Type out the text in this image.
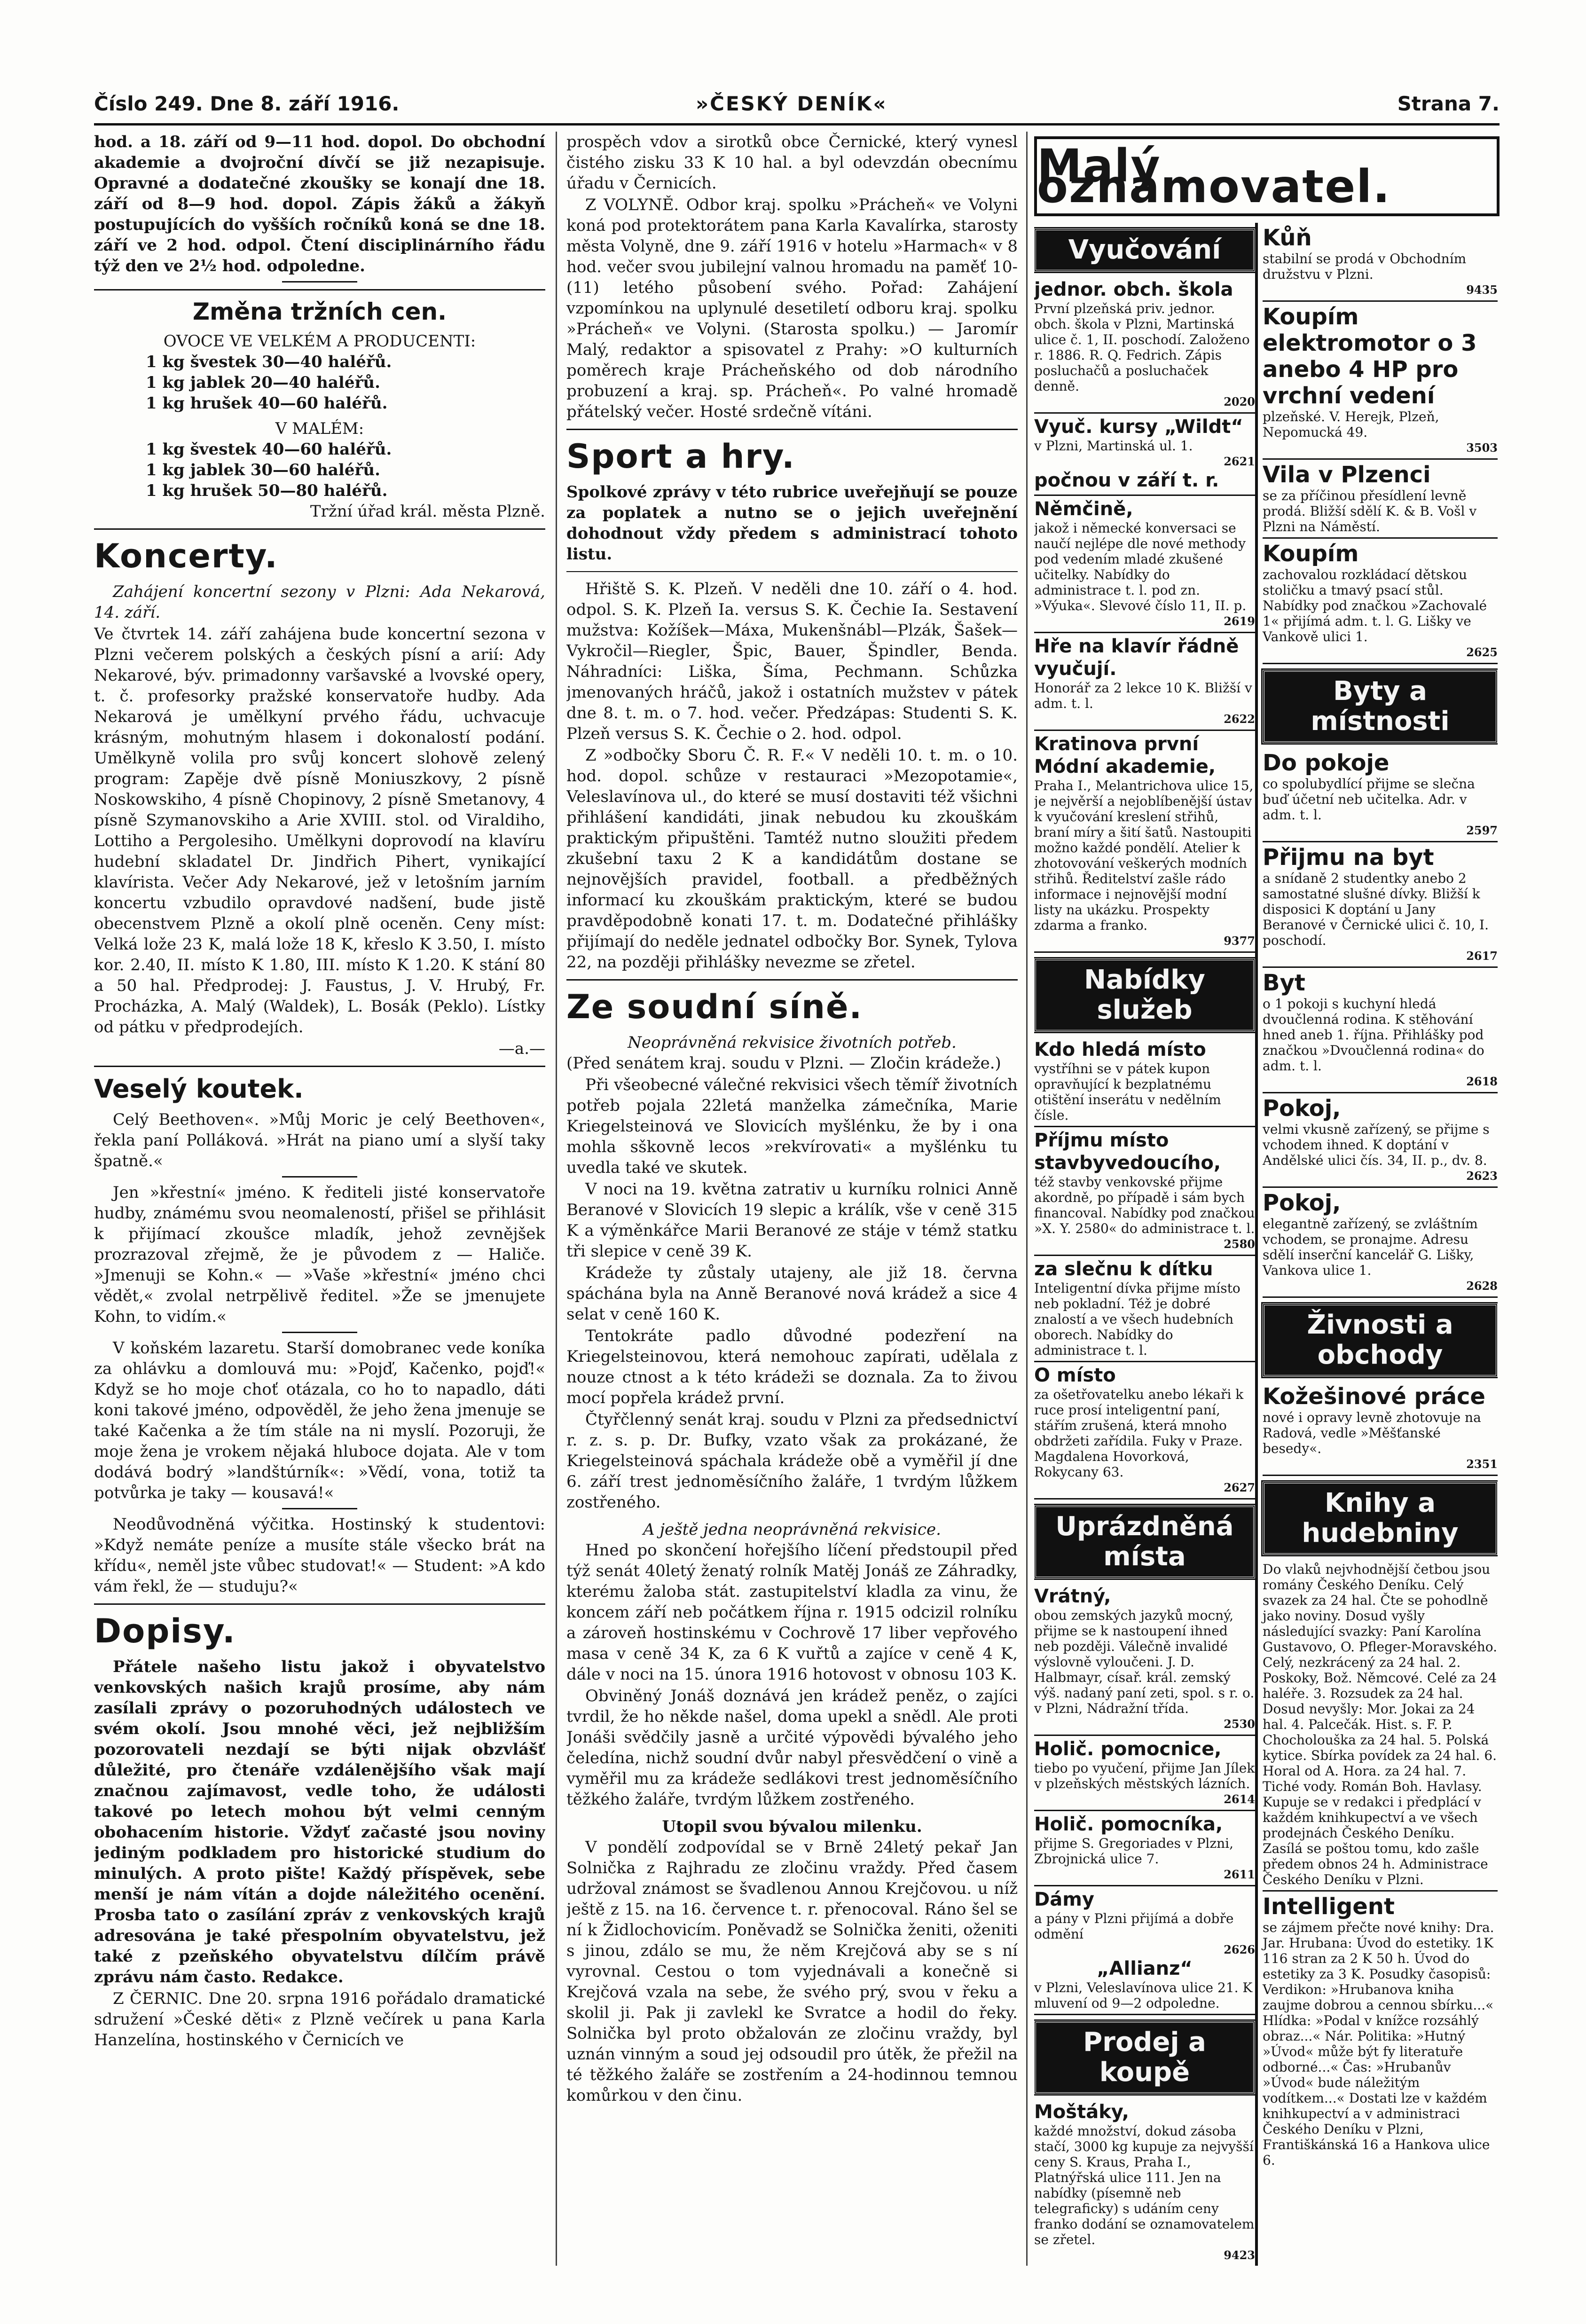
Číslo 249. Dne 8. září 1916.	»ČESKÝ DENÍK«	Strana 7.

hod. a 18. září od 9—11 hod. dopol. Do obchodní akademie a dvojroční dívčí se již nezapisuje. Opravné a dodatečné zkoušky se konají dne 18. září od 8—9 hod. dopol. Zápis žáků a žákyň postupujících do vyšších ročníků koná se dne 18. září ve 2 hod. odpol. Čtení disciplinárního řádu týž den ve 2½ hod. odpoledne.

Změna tržních cen.

OVOCE VE VELKÉM A PRODUCENTI:

1 kg švestek 30—40 haléřů.

1 kg jablek 20—40 haléřů.

1 kg hrušek 40—60 haléřů.

V MALÉM:

1 kg švestek 40—60 haléřů.

1 kg jablek 30—60 haléřů.

1 kg hrušek 50—80 haléřů.

Tržní úřad král. města Plzně.

Koncerty.

Zahájení koncertní sezony v Plzni: Ada Nekarová, 14. září.

Ve čtvrtek 14. září zahájena bude koncertní sezona v Plzni večerem polských a českých písní a arií: Ady Nekarové, býv. primadonny varšavské a lvovské opery, t. č. profesorky pražské konservatoře hudby. Ada Nekarová je umělkyní prvého řádu, uchvacuje krásným, mohutným hlasem i dokonalostí podání. Umělkyně volila pro svůj koncert slohově zelený program: Zapěje dvě písně Moniuszkovy, 2 písně Noskowskiho, 4 písně Chopinovy, 2 písně Smetanovy, 4 písně Szymanovskiho a Arie XVIII. stol. od Viraldiho, Lottiho a Pergolesiho. Umělkyni doprovodí na klavíru hudební skladatel Dr. Jindřich Pihert, vynikající klavírista. Večer Ady Nekarové, jež v letošním jarním koncertu vzbudilo opravdové nadšení, bude jistě obecenstvem Plzně a okolí plně oceněn. Ceny míst: Velká lože 23 K, malá lože 18 K, křeslo K 3.50, I. místo kor. 2.40, II. místo K 1.80, III. místo K 1.20. K stání 80 a 50 hal. Předprodej: J. Faustus, J. V. Hrubý, Fr. Procházka, A. Malý (Waldek), L. Bosák (Peklo). Lístky od pátku v předprodejích.

—a.—

Veselý koutek.

Celý Beethoven«. »Můj Moric je celý Beethoven«, řekla paní Polláková. »Hrát na piano umí a slyší taky špatně.«

Jen »křestní« jméno. K řediteli jisté konservatoře hudby, známému svou neomaleností, přišel se přihlásit k přijímací zkoušce mladík, jehož zevnějšek prozrazoval zřejmě, že je původem z — Haliče. »Jmenuji se Kohn.« — »Vaše »křestní« jméno chci vědět,« zvolal netrpělivě ředitel. »Že se jmenujete Kohn, to vidím.«

V koňském lazaretu. Starší domobranec vede koníka za ohlávku a domlouvá mu: »Pojď, Kačenko, pojď!« Když se ho moje choť otázala, co ho to napadlo, dáti koni takové jméno, odpověděl, že jeho žena jmenuje se také Kačenka a že tím stále na ni myslí. Pozoruji, že moje žena je vrokem nějaká hluboce dojata. Ale v tom dodává bodrý »landštúrník«: »Vědí, vona, totiž ta potvůrka je taky — kousavá!«

Neodůvodněná výčitka. Hostinský k studentovi: »Když nemáte peníze a musíte stále všecko brát na křídu«, neměl jste vůbec studovat!« — Student: »A kdo vám řekl, že — studuju?«

Dopisy.

Přátele našeho listu jakož i obyvatelstvo venkovských našich krajů prosíme, aby nám zasílali zprávy o pozoruhodných událostech ve svém okolí. Jsou mnohé věci, jež nejbližším pozorovateli nezdají se býti nijak obzvlášť důležité, pro čtenáře vzdálenějšího však mají značnou zajímavost, vedle toho, že události takové po letech mohou být velmi cenným obohacením historie. Vždyť začasté jsou noviny jediným podkladem pro historické studium do minulých. A proto pište! Každý příspěvek, sebe menší je nám vítán a dojde náležitého ocenění. Prosba tato o zasílání zpráv z venkovských krajů adresována je také přespolním obyvatelstvu, jež také z pzeňského obyvatelstvu dílčím právě zprávu nám často. Redakce.

Z ČERNIC. Dne 20. srpna 1916 pořádalo dramatické sdružení »České děti« z Plzně večírek u pana Karla Hanzelína, hostinského v Černicích ve

prospěch vdov a sirotků obce Černické, který vynesl čistého zisku 33 K 10 hal. a byl odevzdán obecnímu úřadu v Černicích.

Z VOLYNĚ. Odbor kraj. spolku »Prácheň« ve Volyni koná pod protektorátem pana Karla Kavalírka, starosty města Volyně, dne 9. září 1916 v hotelu »Harmach« v 8 hod. večer svou jubilejní valnou hromadu na paměť 10- (11) letého působení svého. Pořad: Zahájení vzpomínkou na uplynulé desetiletí odboru kraj. spolku »Prácheň« ve Volyni. (Starosta spolku.) — Jaromír Malý, redaktor a spisovatel z Prahy: »O kulturních poměrech kraje Prácheňského od dob národního probuzení a kraj. sp. Prácheň«. Po valné hromadě přátelský večer. Hosté srdečně vítáni.

Sport a hry.

Spolkové zprávy v této rubrice uveřejňují se pouze za poplatek a nutno se o jejich uveřejnění dohodnout vždy předem s administrací tohoto listu.

Hřiště S. K. Plzeň. V neděli dne 10. září o 4. hod. odpol. S. K. Plzeň Ia. versus S. K. Čechie Ia. Sestavení mužstva: Kožíšek—Máxa, Mukenšnábl—Plzák, Šašek—Vykročil—Riegler, Špic, Bauer, Špindler, Benda. Náhradníci: Liška, Šíma, Pechmann. Schůzka jmenovaných hráčů, jakož i ostatních mužstev v pátek dne 8. t. m. o 7. hod. večer. Předzápas: Studenti S. K. Plzeň versus S. K. Čechie o 2. hod. odpol.

Z »odbočky Sboru Č. R. F.« V neděli 10. t. m. o 10. hod. dopol. schůze v restauraci »Mezopotamie«, Veleslavínova ul., do které se musí dostaviti též všichni přihlášení kandidáti, jinak nebudou ku zkouškám praktickým připuštěni. Tamtéž nutno sloužiti předem zkušební taxu 2 K a kandidátům dostane se nejnovějších pravidel, football. a předběžných informací ku zkouškám praktickým, které se budou pravděpodobně konati 17. t. m. Dodatečné přihlášky přijímají do neděle jednatel odbočky Bor. Synek, Tylova 22, na později přihlášky nevezme se zřetel.

Ze soudní síně.

Neoprávněná rekvisice životních potřeb.

(Před senátem kraj. soudu v Plzni. — Zločin krádeže.)

Při všeobecné válečné rekvisici všech těmíř životních potřeb pojala 22letá manželka zámečníka, Marie Kriegelsteinová ve Slovicích myšlénku, že by i ona mohla sškovně lecos »rekvírovati« a myšlénku tu uvedla také ve skutek.

V noci na 19. května zatrativ u kurníku rolnici Anně Beranové v Slovicích 19 slepic a králík, vše v ceně 315 K a výměnkářce Marii Beranové ze stáje v témž statku tři slepice v ceně 39 K.

Krádeže ty zůstaly utajeny, ale již 18. června spáchána byla na Anně Beranové nová krádež a sice 4 selat v ceně 160 K.

Tentokráte padlo důvodné podezření na Kriegelsteinovou, která nemohouc zapírati, udělala z nouze ctnost a k této krádeži se doznala. Za to živou mocí popřela krádež první.

Čtyřčlenný senát kraj. soudu v Plzni za předsednictví r. z. s. p. Dr. Bufky, vzato však za prokázané, že Kriegelsteinová spáchala krádeže obě a vyměřil jí dne 6. září trest jednoměsíčního žaláře, 1 tvrdým lůžkem zostřeného.

A ještě jedna neoprávněná rekvisice.

Hned po skončení hořejšího líčení předstoupil před týž senát 40letý ženatý rolník Matěj Jonáš ze Záhradky, kterému žaloba stát. zastupitelství kladla za vinu, že koncem září neb počátkem října r. 1915 odcizil rolníku a zároveň hostinskému v Cochrově 17 liber vepřového masa v ceně 34 K, za 6 K vuřtů a zajíce v ceně 4 K, dále v noci na 15. února 1916 hotovost v obnosu 103 K.

Obviněný Jonáš doznává jen krádež peněz, o zajíci tvrdil, že ho někde našel, doma upekl a snědl. Ale proti Jonáši svědčily jasně a určité výpovědi bývalého jeho čeledína, nichž soudní dvůr nabyl přesvědčení o vině a vyměřil mu za krádeže sedlákovi trest jednoměsíčního těžkého žaláře, tvrdým lůžkem zostřeného.

Utopil svou bývalou milenku.

V pondělí zodpovídal se v Brně 24letý pekař Jan Solnička z Rajhradu ze zločinu vraždy. Před časem udržoval známost se švadlenou Annou Krejčovou. u níž ještě z 15. na 16. července t. r. přenocoval. Ráno šel se ní k Židlochovicím. Poněvadž se Solnička ženiti, oženiti s jinou, zdálo se mu, že něm Krejčová aby se s ní vyrovnal. Cestou o tom vyjednávali a konečně si Krejčová vzala na sebe, že svého prý, svou v řeku a skolil ji. Pak ji zavlekl ke Svratce a hodil do řeky. Solnička byl proto obžalován ze zločinu vraždy, byl uznán vinným a soud jej odsoudil pro útěk, že přežil na té těžkého žaláře se zostřením a 24-hodinnou temnou komůrkou v den činu.

Malý oznamovatel.
Vyučování
jednor. obch. škola
První plzeňská priv. jednor. obch. škola v Plzni, Martinská ulice č. 1, II. poschodí. Založeno r. 1886. R. Q. Fedrich. Zápis posluchačů a posluchaček denně.
2020
Vyuč. kursy „Wildt“
v Plzni, Martinská ul. 1.
2621
počnou v září t. r.
Němčině,
jakož i německé konversaci se naučí nejlépe dle nové methody pod vedením mladé zkušené učitelky. Nabídky do administrace t. l. pod zn. »Výuka«. Slevové číslo 11, II. p.
2619
Hře na klavír řádně vyučují.
Honorář za 2 lekce 10 K. Bližší v adm. t. l.
2622
Kratinova první Módní akademie,
Praha I., Melantrichova ulice 15, je nejvěrší a nejoblíbenější ústav k vyučování kreslení střihů, braní míry a šití šatů. Nastoupiti možno každé pondělí. Atelier k zhotovování veškerých modních střihů. Ředitelství zašle rádo informace i nejnovější modní listy na ukázku. Prospekty zdarma a franko.
9377
Nabídky služeb
Kdo hledá místo
vystříhni se v pátek kupon opravňující k bezplatnému otištění inserátu v nedělním čísle.
Příjmu místo stavbyvedoucího,
též stavby venkovské přijme akordně, po případě i sám bych financoval. Nabídky pod značkou »X. Y. 2580« do administrace t. l.
2580
za slečnu k dítku
Inteligentní dívka přijme místo neb pokladní. Též je dobré znalostí a ve všech hudebních oborech. Nabídky do administrace t. l.
O místo
za ošetřovatelku anebo lékaři k ruce prosí inteligentní paní, stářím zrušená, která mnoho obdržeti zařídila. Fuky v Praze. Magdalena Hovorková, Rokycany 63.
2627
Uprázdněná místa
Vrátný,
obou zemských jazyků mocný, přijme se k nastoupení ihned neb později. Válečně invalidé výslovně vyloučeni. J. D. Halbmayr, císař. král. zemský výš. nadaný paní zeti, spol. s r. o. v Plzni, Nádražní třída.
2530
Holič. pomocnice,
tiebo po vyučení, přijme Jan Jílek v plzeňských městských lázních.
2614
Holič. pomocníka,
přijme S. Gregoriades v Plzni, Zbrojnická ulice 7.
2611
Dámy
a pány v Plzni přijímá a dobře odmění
2626
„Allianz“
v Plzni, Veleslavínova ulice 21. K mluvení od 9—2 odpoledne.
Prodej a koupě
Moštáky,
každé množství, dokud zásoba stačí, 3000 kg kupuje za nejvyšší ceny S. Kraus, Praha I., Platnýřská ulice 111. Jen na nabídky (písemně neb telegraficky) s udáním ceny franko dodání se oznamovatelem se zřetel.
9423
Kůň
stabilní se prodá v Obchodním družstvu v Plzni.
9435
Koupím elektromotor o 3 anebo 4 HP pro vrchní vedení
plzeňské. V. Herejk, Plzeň, Nepomucká 49.
3503
Vila v Plzenci
se za příčinou přesídlení levně prodá. Bližší sdělí K. & B. Vošl v Plzni na Náměstí.
Koupím
zachovalou rozkládací dětskou stoličku a tmavý psací stůl. Nabídky pod značkou »Zachovalé 1« přijímá adm. t. l. G. Lišky ve Vankově ulici 1.
2625
Byty a místnosti
Do pokoje
co spolubydlící přijme se slečna buď účetní neb učitelka. Adr. v adm. t. l.
2597
Přijmu na byt
a snídaně 2 studentky anebo 2 samostatné slušné dívky. Bližší k disposici K doptání u Jany Beranové v Černické ulici č. 10, I. poschodí.
2617
Byt
o 1 pokoji s kuchyní hledá dvoučlenná rodina. K stěhování hned aneb 1. října. Přihlášky pod značkou »Dvoučlenná rodina« do adm. t. l.
2618
Pokoj,
velmi vkusně zařízený, se přijme s vchodem ihned. K doptání v Andělské ulici čís. 34, II. p., dv. 8.
2623
Pokoj,
elegantně zařízený, se zvláštním vchodem, se pronajme. Adresu sdělí inserční kancelář G. Lišky, Vankova ulice 1.
2628
Živnosti a obchody
Kožešinové práce
nové i opravy levně zhotovuje na Radová, vedle »Měšťanské besedy«.
2351
Knihy a hudebniny
Do vlaků nejvhodnější četbou jsou romány Českého Deníku. Celý svazek za 24 hal. Čte se pohodlně jako noviny. Dosud vyšly následující svazky: Paní Karolína Gustavovo, O. Pfleger-Moravského. Celý, nezkrácený za 24 hal. 2. Poskoky, Bož. Němcové. Celé za 24 haléře. 3. Rozsudek za 24 hal. Dosud nevyšly: Mor. Jokai za 24 hal. 4. Palcečák. Hist. s. F. P. Chocholouška za 24 hal. 5. Polská kytice. Sbírka povídek za 24 hal. 6. Horal od A. Hora. za 24 hal. 7. Tiché vody. Román Boh. Havlasy. Kupuje se v redakci i předplácí v každém knihkupectví a ve všech prodejnách Českého Deníku. Zasílá se poštou tomu, kdo zašle předem obnos 24 h. Administrace Českého Deníku v Plzni.
Intelligent
se zájmem přečte nové knihy: Dra. Jar. Hrubana: Úvod do estetiky. 1K 116 stran za 2 K 50 h. Úvod do estetiky za 3 K. Posudky časopisů: Verdikon: »Hrubanova kniha zaujme dobrou a cennou sbírku...« Hlídka: »Podal v knížce rozsáhlý obraz...« Nár. Politika: »Hutný »Úvod« může být fy literatuře odborné...« Čas: »Hrubanův »Úvod« bude náležitým vodítkem...« Dostati lze v každém knihkupectví a v administraci Českého Deníku v Plzni, Františkánská 16 a Hankova ulice 6.
